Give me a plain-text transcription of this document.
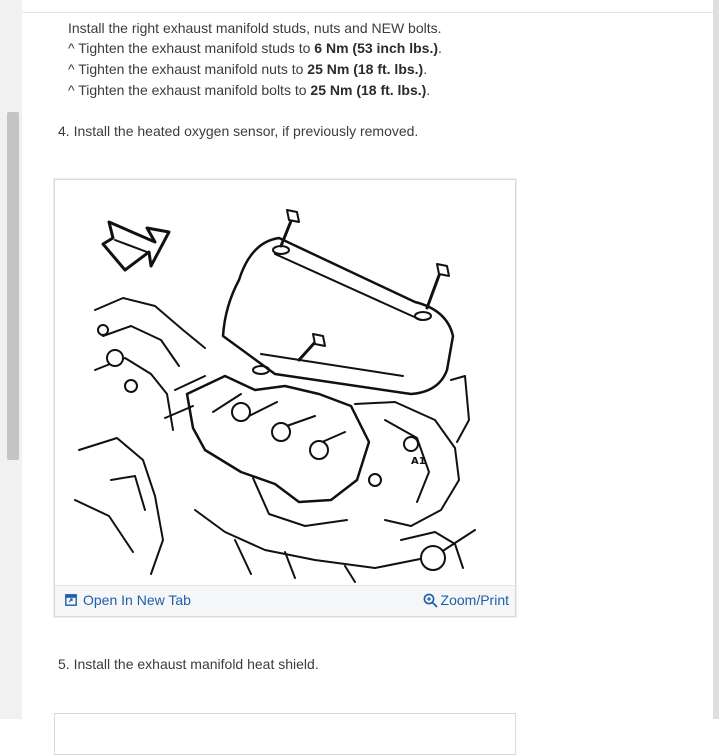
Install the right exhaust manifold studs, nuts and NEW bolts.
^ Tighten the exhaust manifold studs to 6 Nm (53 inch lbs.).
^ Tighten the exhaust manifold nuts to 25 Nm (18 ft. lbs.).
^ Tighten the exhaust manifold bolts to 25 Nm (18 ft. lbs.).
4. Install the heated oxygen sensor, if previously removed.
A1
Open In New Tab	Zoom/Print
5. Install the exhaust manifold heat shield.
